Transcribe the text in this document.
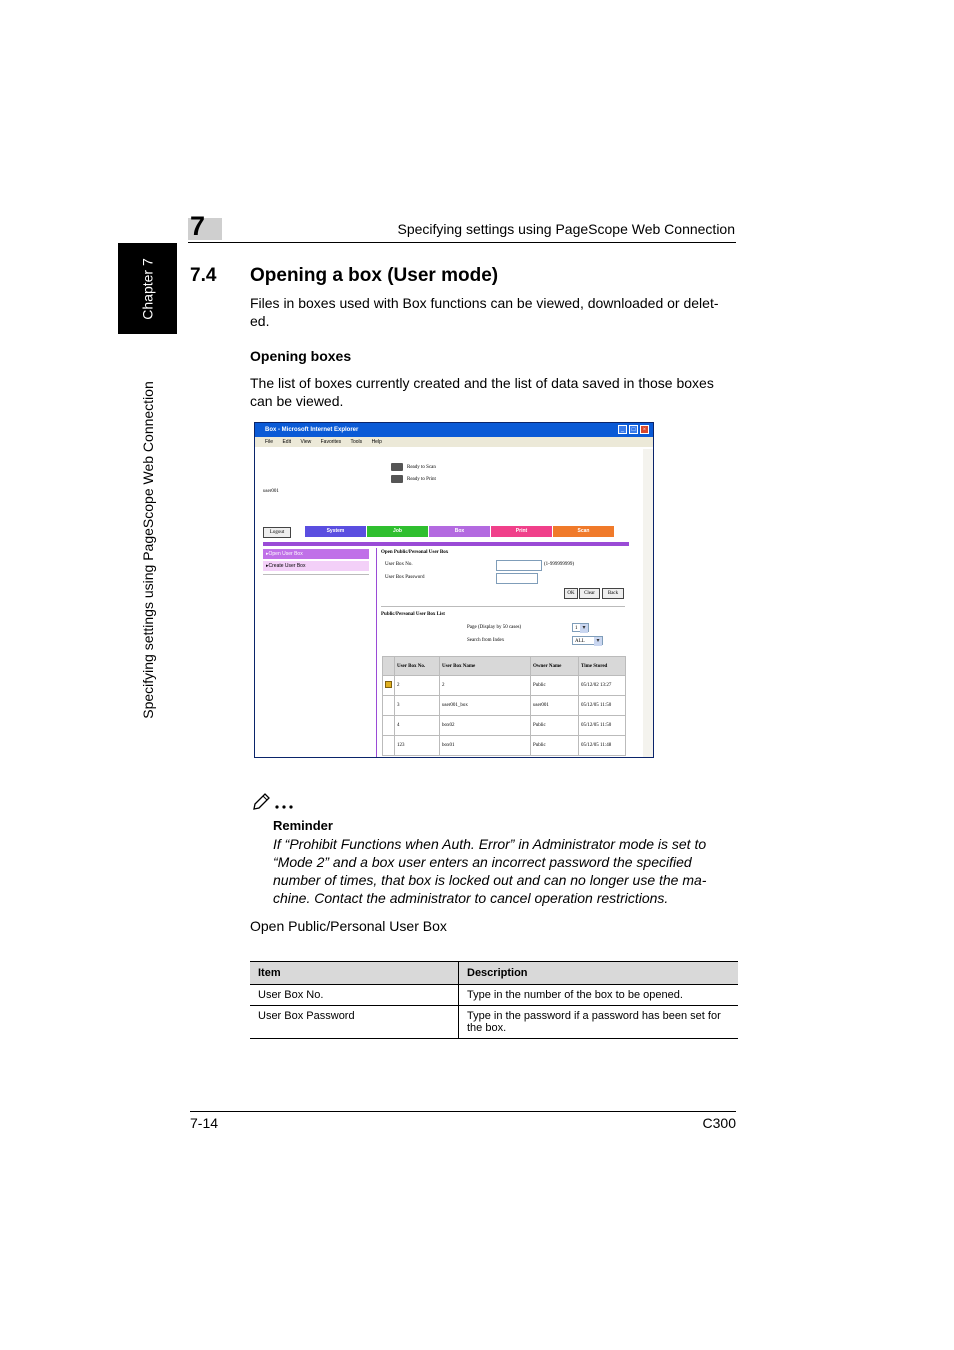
7	Specifying settings using PageScope Web Connection
Chapter 7
Specifying settings using PageScope Web Connection
7.4 Opening a box (User mode)
Files in boxes used with Box functions can be viewed, downloaded or delet- ed.
Opening boxes
The list of boxes currently created and the list of data saved in those boxes can be viewed.
Box - Microsoft Internet Explorer	_	□	×
File Edit View Favorites Tools Help
Ready to Scan
Ready to Print
user001
Logout	System	Job	Box	Print	Scan
▸Open User Box
▸Create User Box
Open Public/Personal User Box
User Box No.	(1-999999999)
User Box Password
OK	Clear	Back
Public/Personal User Box List
Page (Display by 50 cases)	1 ▾
Search from Index	ALL ▾
	User Box No.	User Box Name	Owner Name	Time Stored
	2	2	Public	05/12/02 13:27
	3	user001_box	user001	05/12/05 11:50
	4	box02	Public	05/12/05 11:50
	123	box01	Public	05/12/05 11:48
Reminder
If “Prohibit Functions when Auth. Error” in Administrator mode is set to “Mode 2” and a box user enters an incorrect password the specified number of times, that box is locked out and can no longer use the ma- chine. Contact the administrator to cancel operation restrictions.
Open Public/Personal User Box
Item	Description
User Box No.	Type in the number of the box to be opened.
User Box Password	Type in the password if a password has been set for the box.
7-14	C300
